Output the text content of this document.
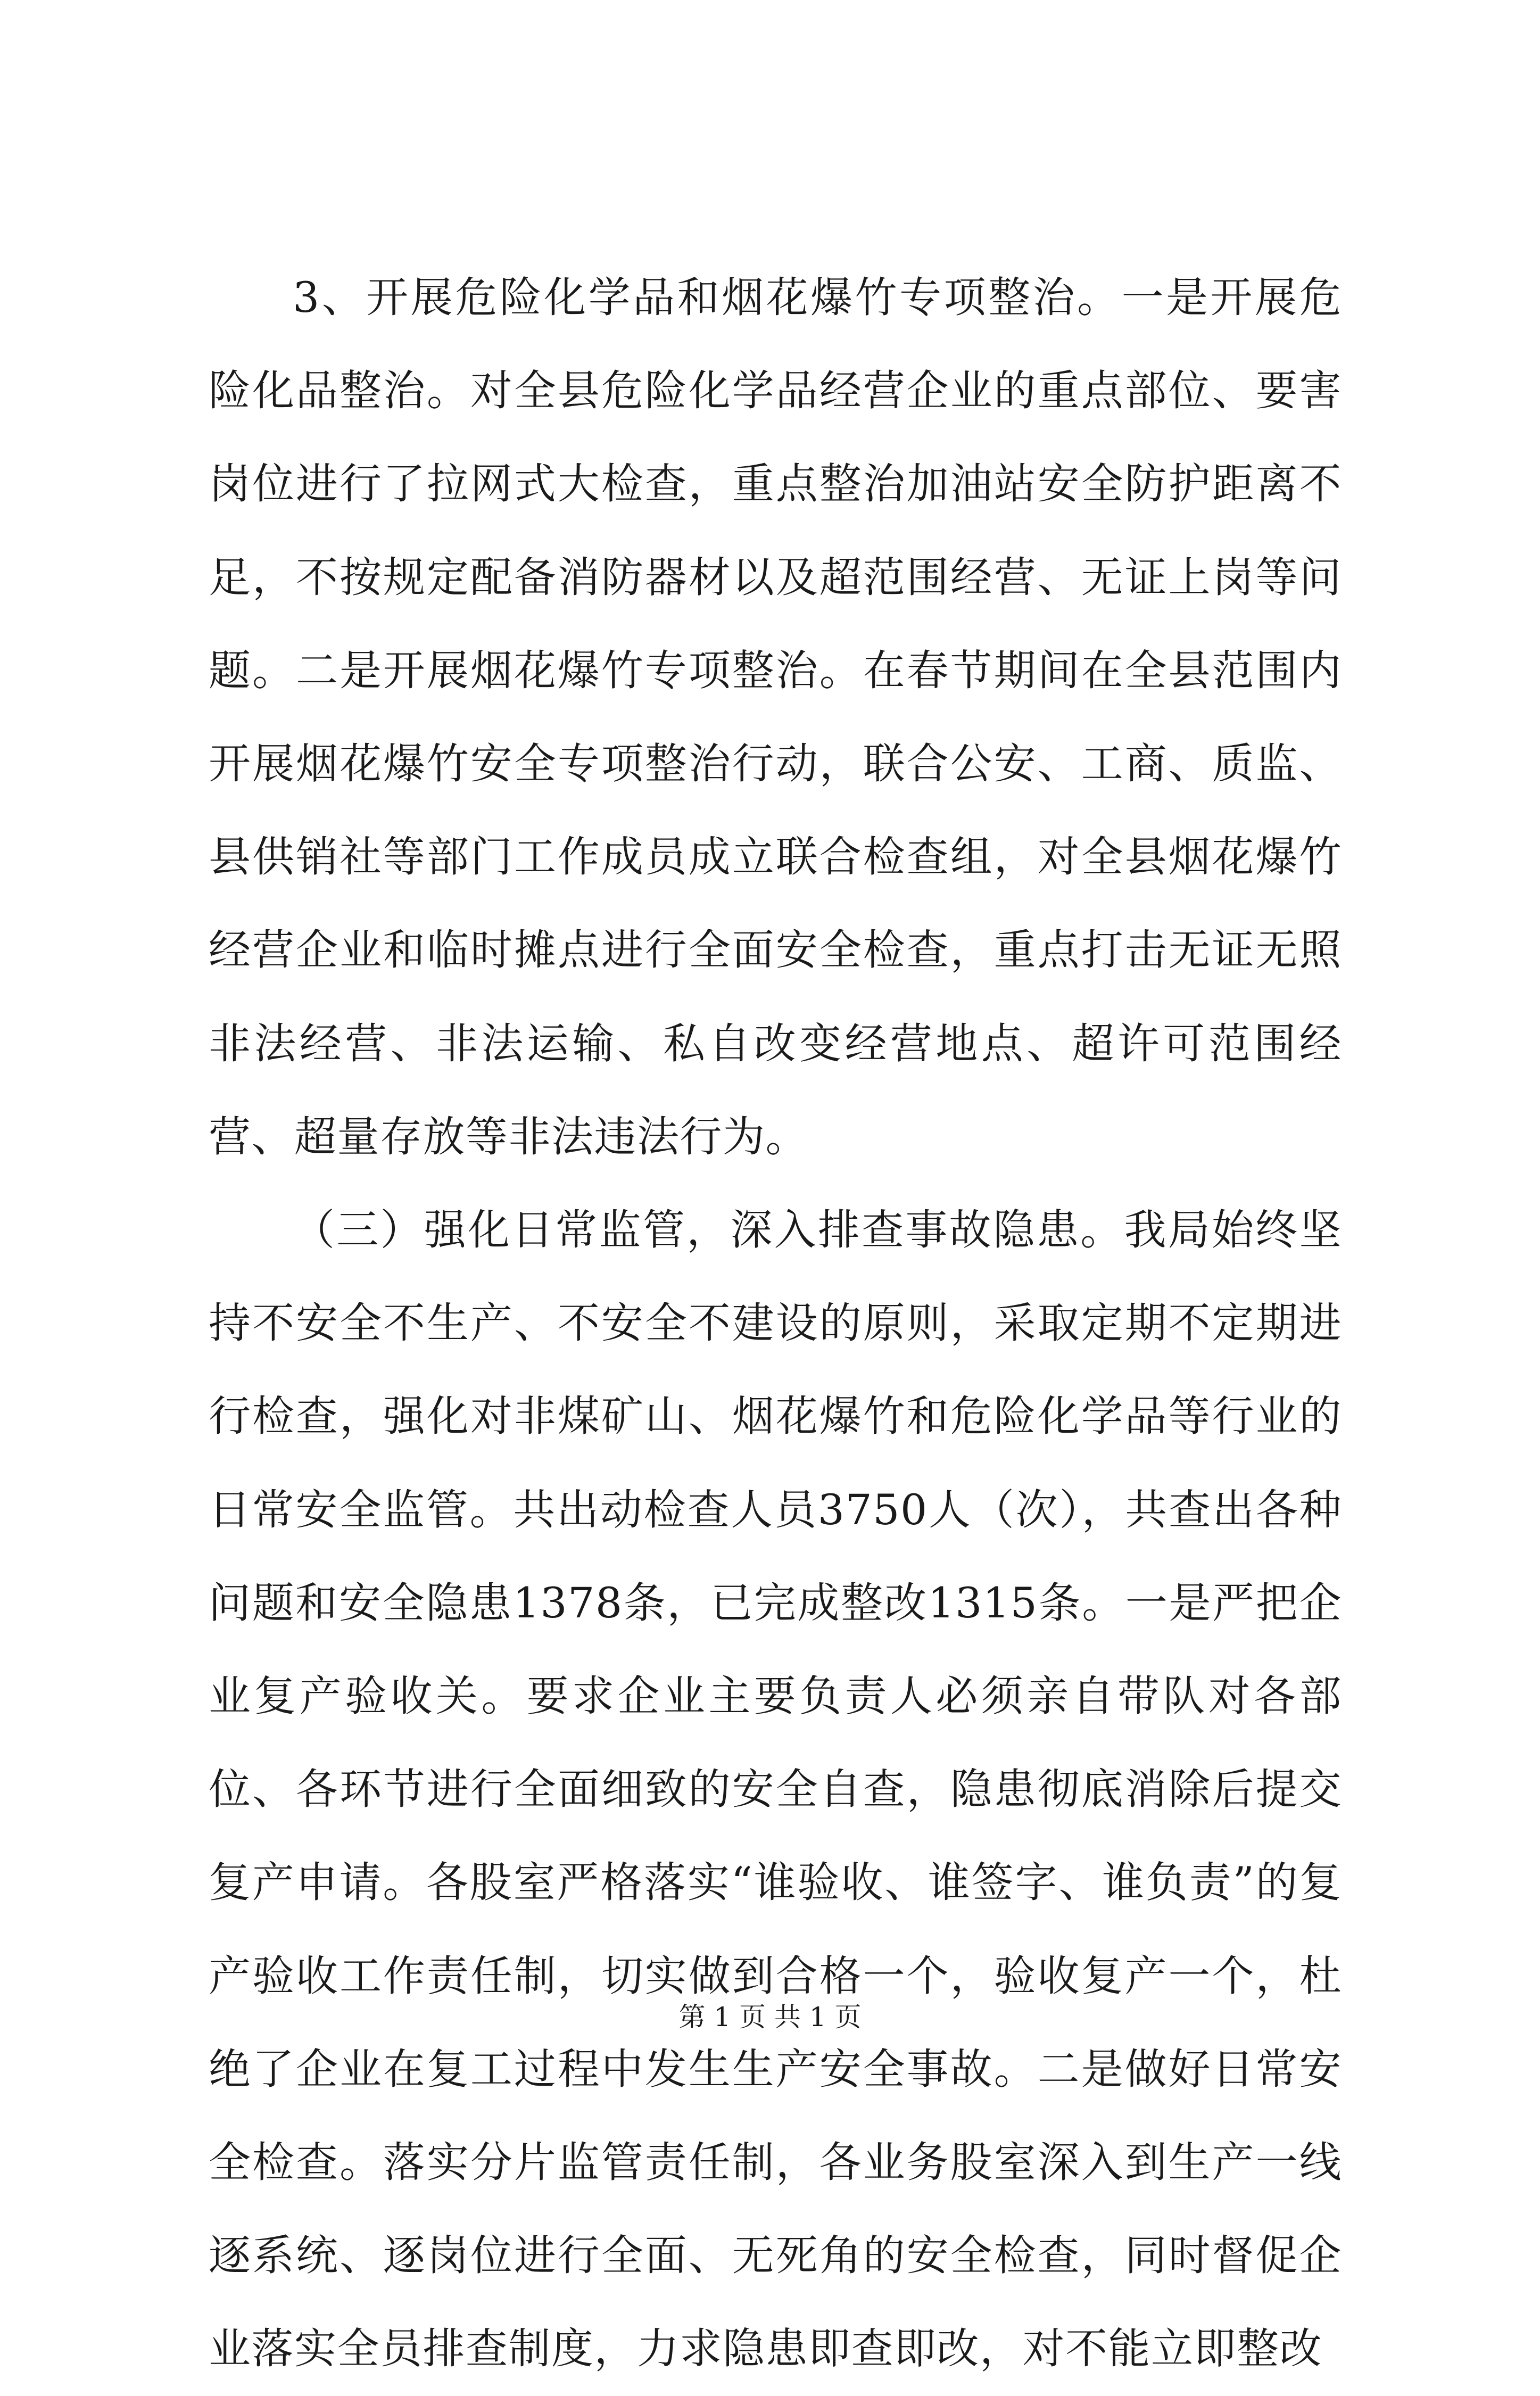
3、开展危险化学品和烟花爆竹专项整治。一是开展危险化品整治。对全县危险化学品经营企业的重点部位、要害岗位进行了拉网式大检查，重点整治加油站安全防护距离不足，不按规定配备消防器材以及超范围经营、无证上岗等问题。二是开展烟花爆竹专项整治。在春节期间在全县范围内开展烟花爆竹安全专项整治行动，联合公安、工商、质监、县供销社等部门工作成员成立联合检查组，对全县烟花爆竹经营企业和临时摊点进行全面安全检查，重点打击无证无照非法经营、非法运输、私自改变经营地点、超许可范围经营、超量存放等非法违法行为。

（三）强化日常监管，深入排查事故隐患。我局始终坚持不安全不生产、不安全不建设的原则，采取定期不定期进行检查，强化对非煤矿山、烟花爆竹和危险化学品等行业的日常安全监管。共出动检查人员3750人（次），共查出各种问题和安全隐患1378条，已完成整改1315条。一是严把企业复产验收关。要求企业主要负责人必须亲自带队对各部位、各环节进行全面细致的安全自查，隐患彻底消除后提交复产申请。各股室严格落实“谁验收、谁签字、谁负责”的复产验收工作责任制，切实做到合格一个，验收复产一个，杜绝了企业在复工过程中发生生产安全事故。二是做好日常安全检查。落实分片监管责任制，各业务股室深入到生产一线逐系统、逐岗位进行全面、无死角的安全检查，同时督促企业落实全员排查制度，力求隐患即查即改，对不能立即整改

第 1 页 共 1 页
